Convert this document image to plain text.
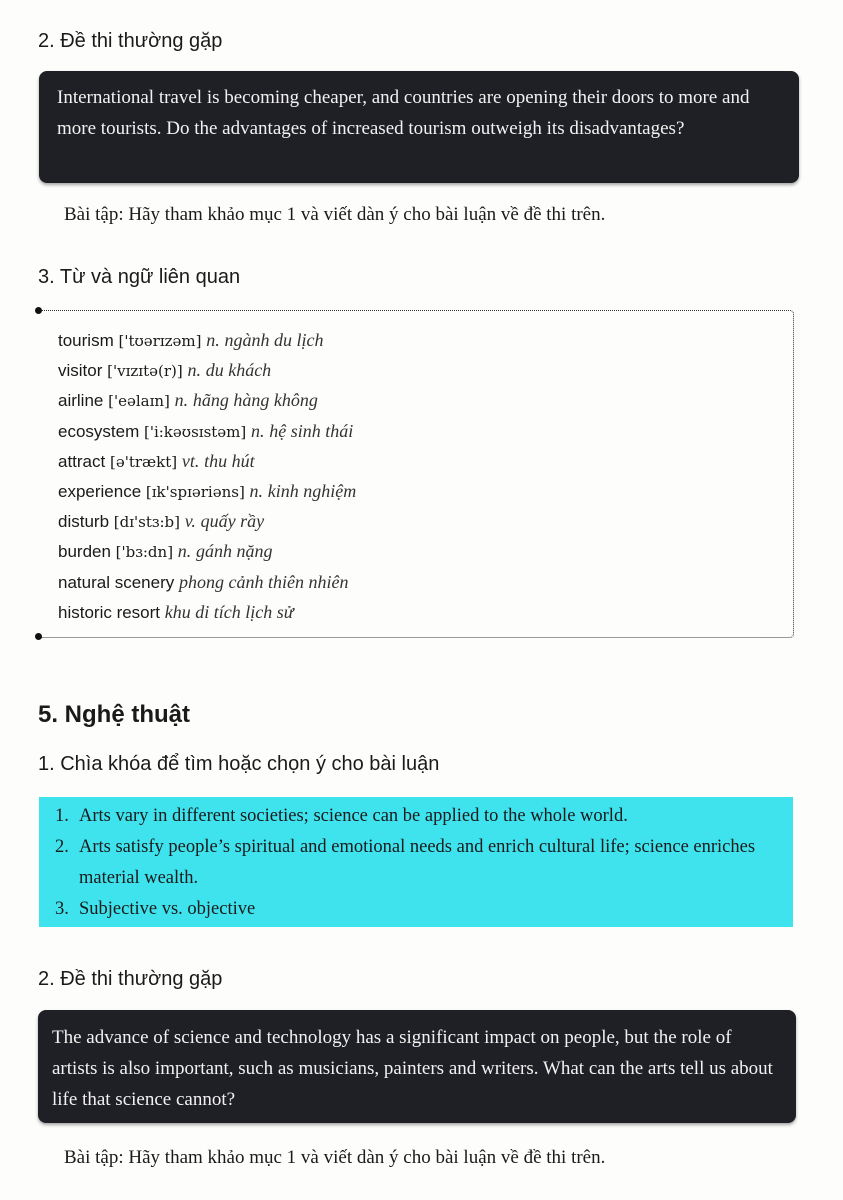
2. Đề thi thường gặp
International travel is becoming cheaper, and countries are opening their doors to more and more tourists. Do the advantages of increased tourism outweigh its disadvantages?
Bài tập: Hãy tham khảo mục 1 và viết dàn ý cho bài luận về đề thi trên.
3. Từ và ngữ liên quan
tourism ['tʊərɪzəm] n. ngành du lịch
visitor ['vɪzɪtə(r)] n. du khách
airline ['eəlaɪn] n. hãng hàng không
ecosystem ['i:kəʊsɪstəm] n. hệ sinh thái
attract [ə'trækt] vt. thu hút
experience [ɪk'spɪəriəns] n. kinh nghiệm
disturb [dɪ'stɜ:b] v. quấy rầy
burden ['bɜ:dn] n. gánh nặng
natural scenery phong cảnh thiên nhiên
historic resort khu di tích lịch sử
5. Nghệ thuật
1. Chìa khóa để tìm hoặc chọn ý cho bài luận
1. Arts vary in different societies; science can be applied to the whole world.
2. Arts satisfy people’s spiritual and emotional needs and enrich cultural life; science enriches material wealth.
3. Subjective vs. objective
2. Đề thi thường gặp
The advance of science and technology has a significant impact on people, but the role of artists is also important, such as musicians, painters and writers. What can the arts tell us about life that science cannot?
Bài tập: Hãy tham khảo mục 1 và viết dàn ý cho bài luận về đề thi trên.
